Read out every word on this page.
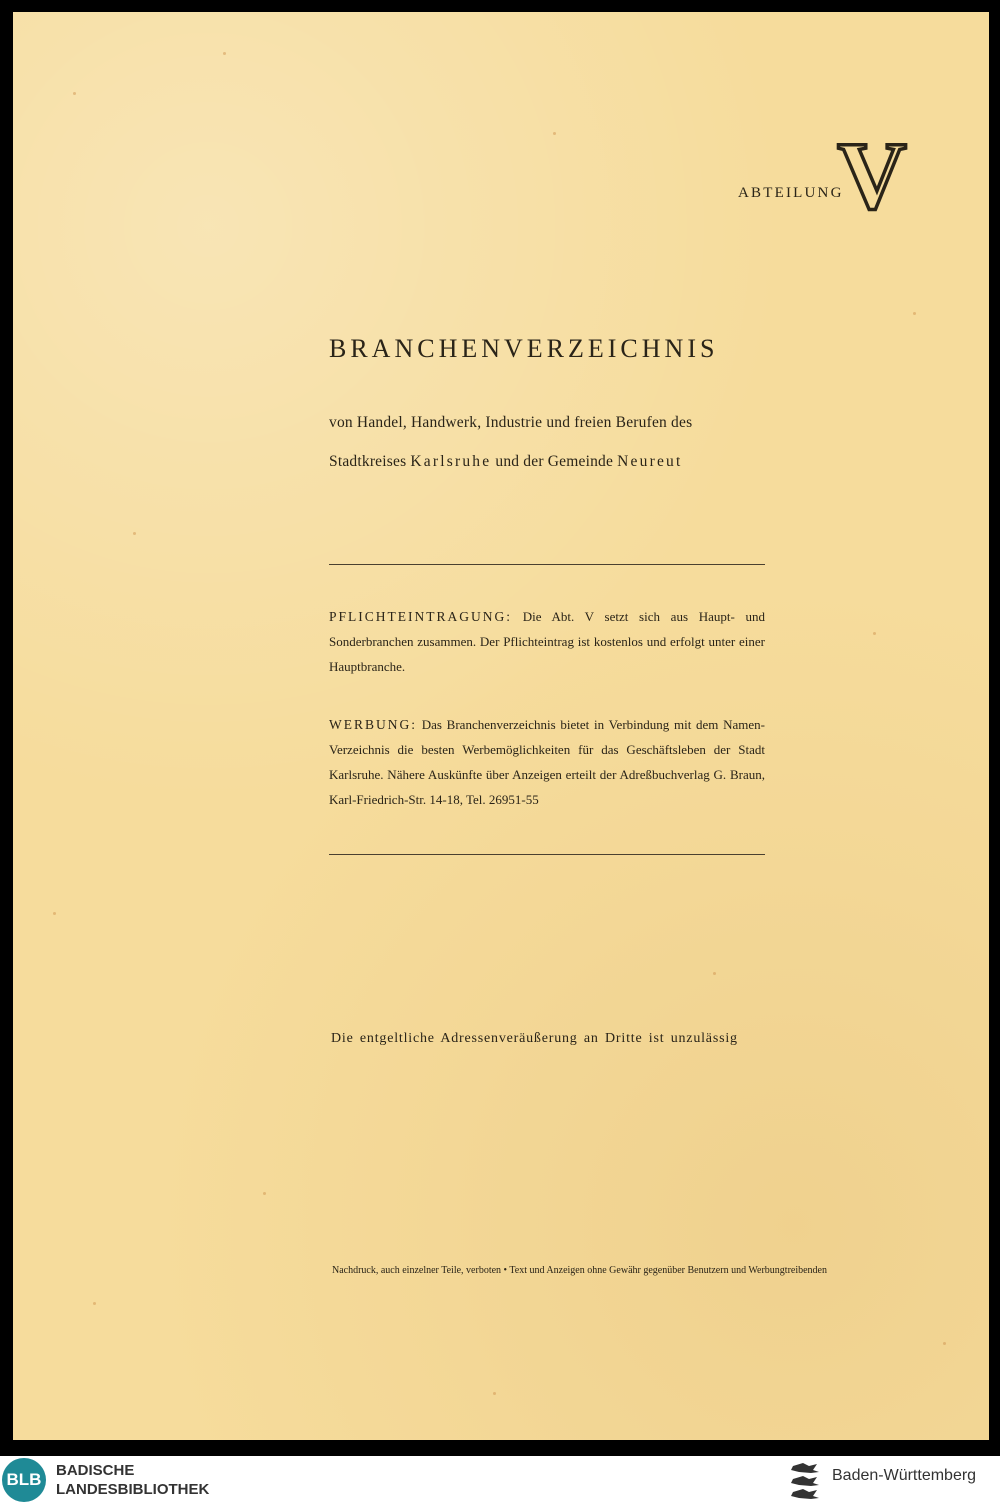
ABTEILUNG
V
BRANCHENVERZEICHNIS
von Handel, Handwerk, Industrie und freien Berufen des
Stadtkreises Karlsruhe und der Gemeinde Neureut
PFLICHTEINTRAGUNG: Die Abt. V setzt sich aus Haupt- und Sonderbranchen zusammen. Der Pflichteintrag ist kostenlos und erfolgt unter einer Hauptbranche.
WERBUNG: Das Branchenverzeichnis bietet in Verbindung mit dem Namen-Verzeichnis die besten Werbemöglichkeiten für das Geschäftsleben der Stadt Karlsruhe. Nähere Auskünfte über Anzeigen erteilt der Adreßbuchverlag G. Braun, Karl-Friedrich-Str. 14-18, Tel. 26951-55
Die entgeltliche Adressenveräußerung an Dritte ist unzulässig
Nachdruck, auch einzelner Teile, verboten • Text und Anzeigen ohne Gewähr gegenüber Benutzern und Werbungtreibenden
BLB BADISCHE
LANDESBIBLIOTHEK
Baden-Württemberg
